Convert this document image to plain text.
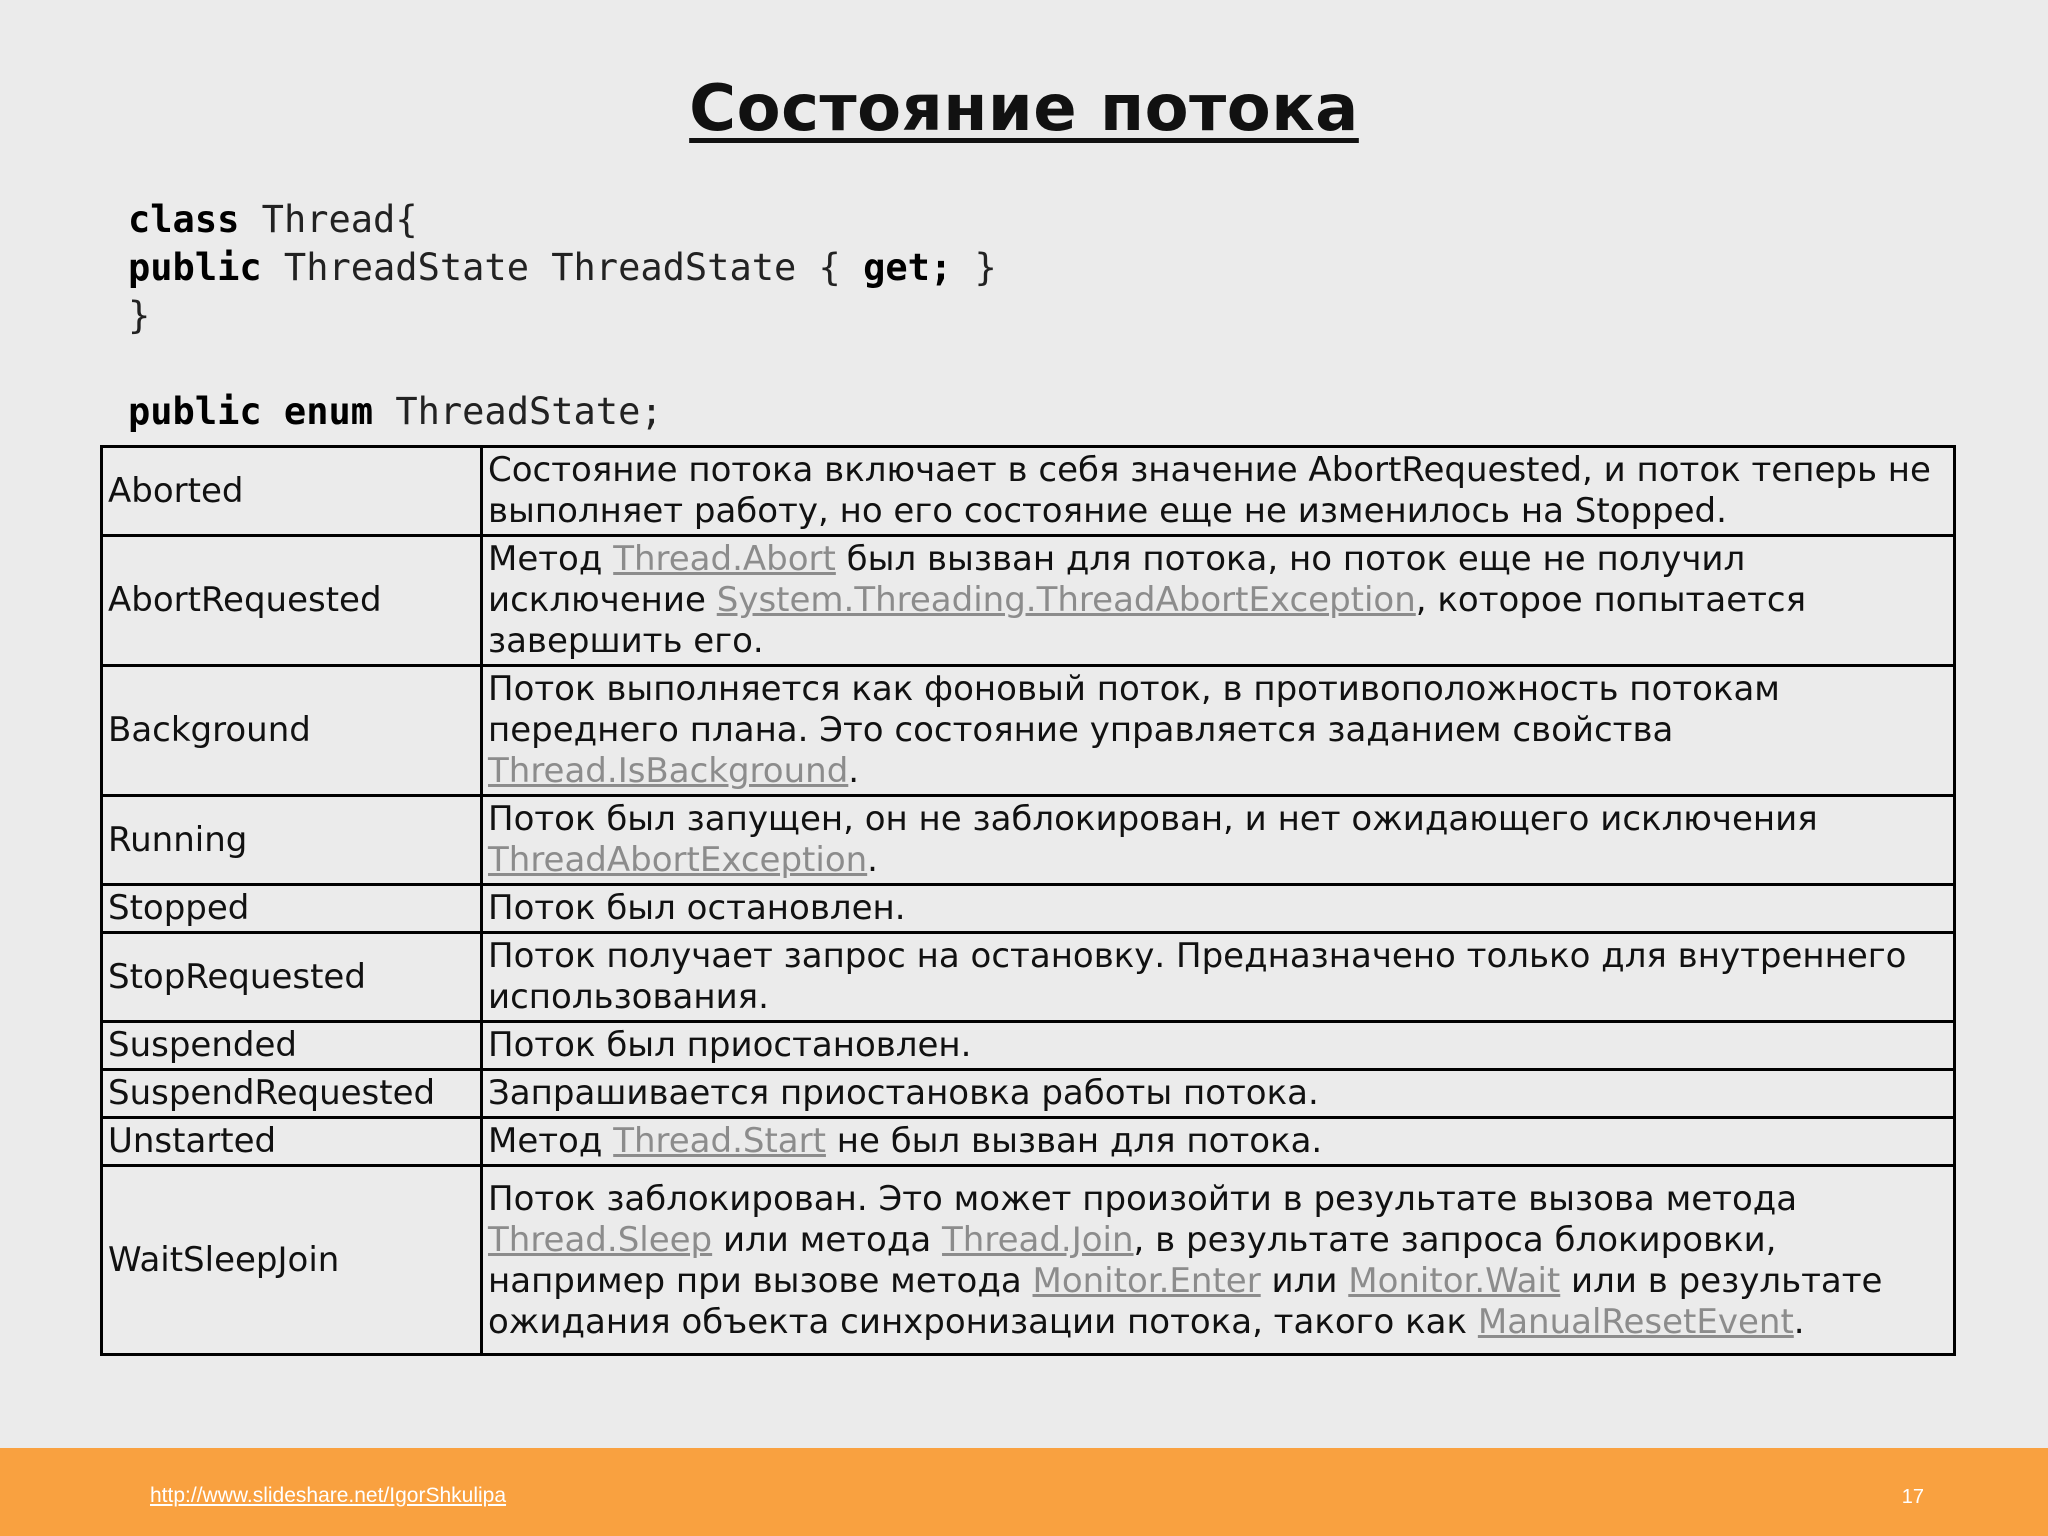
Состояние потока
class Thread{
public ThreadState ThreadState { get; }
}

public enum ThreadState;
Aborted	Состояние потока включает в себя значение AbortRequested, и поток теперь не выполняет работу, но его состояние еще не изменилось на Stopped.
AbortRequested	Метод Thread.Abort был вызван для потока, но поток еще не получил исключение System.Threading.ThreadAbortException, которое попытается завершить его.
Background	Поток выполняется как фоновый поток, в противоположность потокам переднего плана. Это состояние управляется заданием свойства Thread.IsBackground.
Running	Поток был запущен, он не заблокирован, и нет ожидающего исключения ThreadAbortException.
Stopped	Поток был остановлен.
StopRequested	Поток получает запрос на остановку. Предназначено только для внутреннего использования.
Suspended	Поток был приостановлен.
SuspendRequested	Запрашивается приостановка работы потока.
Unstarted	Метод Thread.Start не был вызван для потока.
WaitSleepJoin	Поток заблокирован. Это может произойти в результате вызова метода Thread.Sleep или метода Thread.Join, в результате запроса блокировки, например при вызове метода Monitor.Enter или Monitor.Wait или в результате ожидания объекта синхронизации потока, такого как ManualResetEvent.
http://www.slideshare.net/IgorShkulipa	17
